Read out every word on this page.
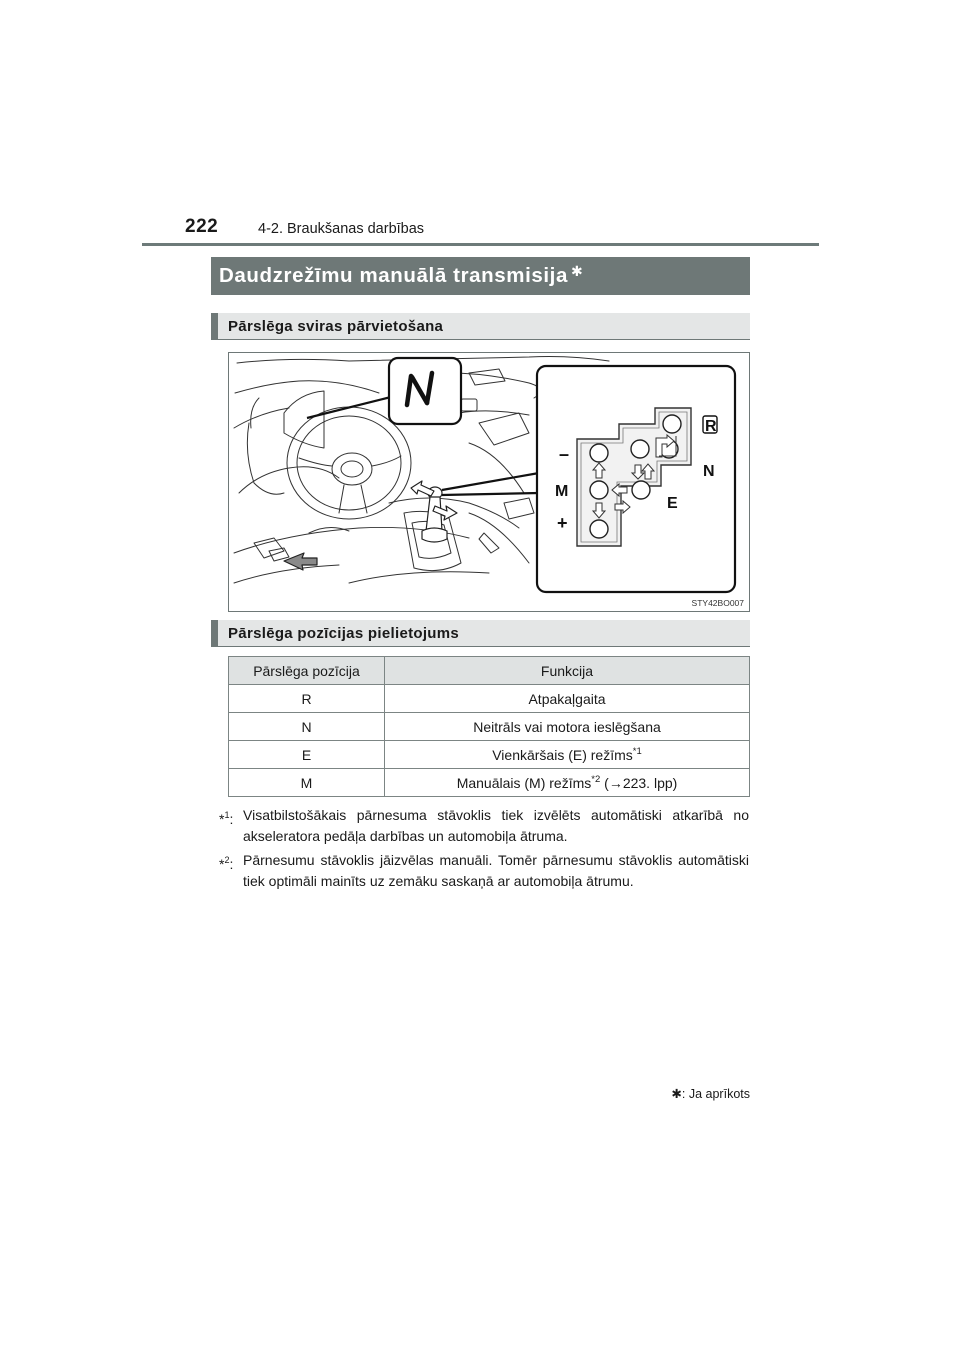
222	4-2. Braukšanas darbības
Daudzrežīmu manuālā transmisija ✱
Pārslēga sviras pārvietošana
R
N
E
M
–
+
STY42BO007
Pārslēga pozīcijas pielietojums
Pārslēga pozīcija	Funkcija
R	Atpakaļgaita
N	Neitrāls vai motora ieslēgšana
E	Vienkāršais (E) režīms$^{*1}$
M	Manuālais (M) režīms$^{*2}$ (→223. lpp)
*$^1$: Visatbilstošākais pārnesuma stāvoklis tiek izvēlēts automātiski atkarībā no akseleratora pedāļa darbības un automobiļa ātruma.
*$^2$: Pārnesumu stāvoklis jāizvēlas manuāli. Tomēr pārnesumu stāvoklis automātiski tiek optimāli mainīts uz zemāku saskaņā ar automobiļa ātrumu.
✱: Ja aprīkots
